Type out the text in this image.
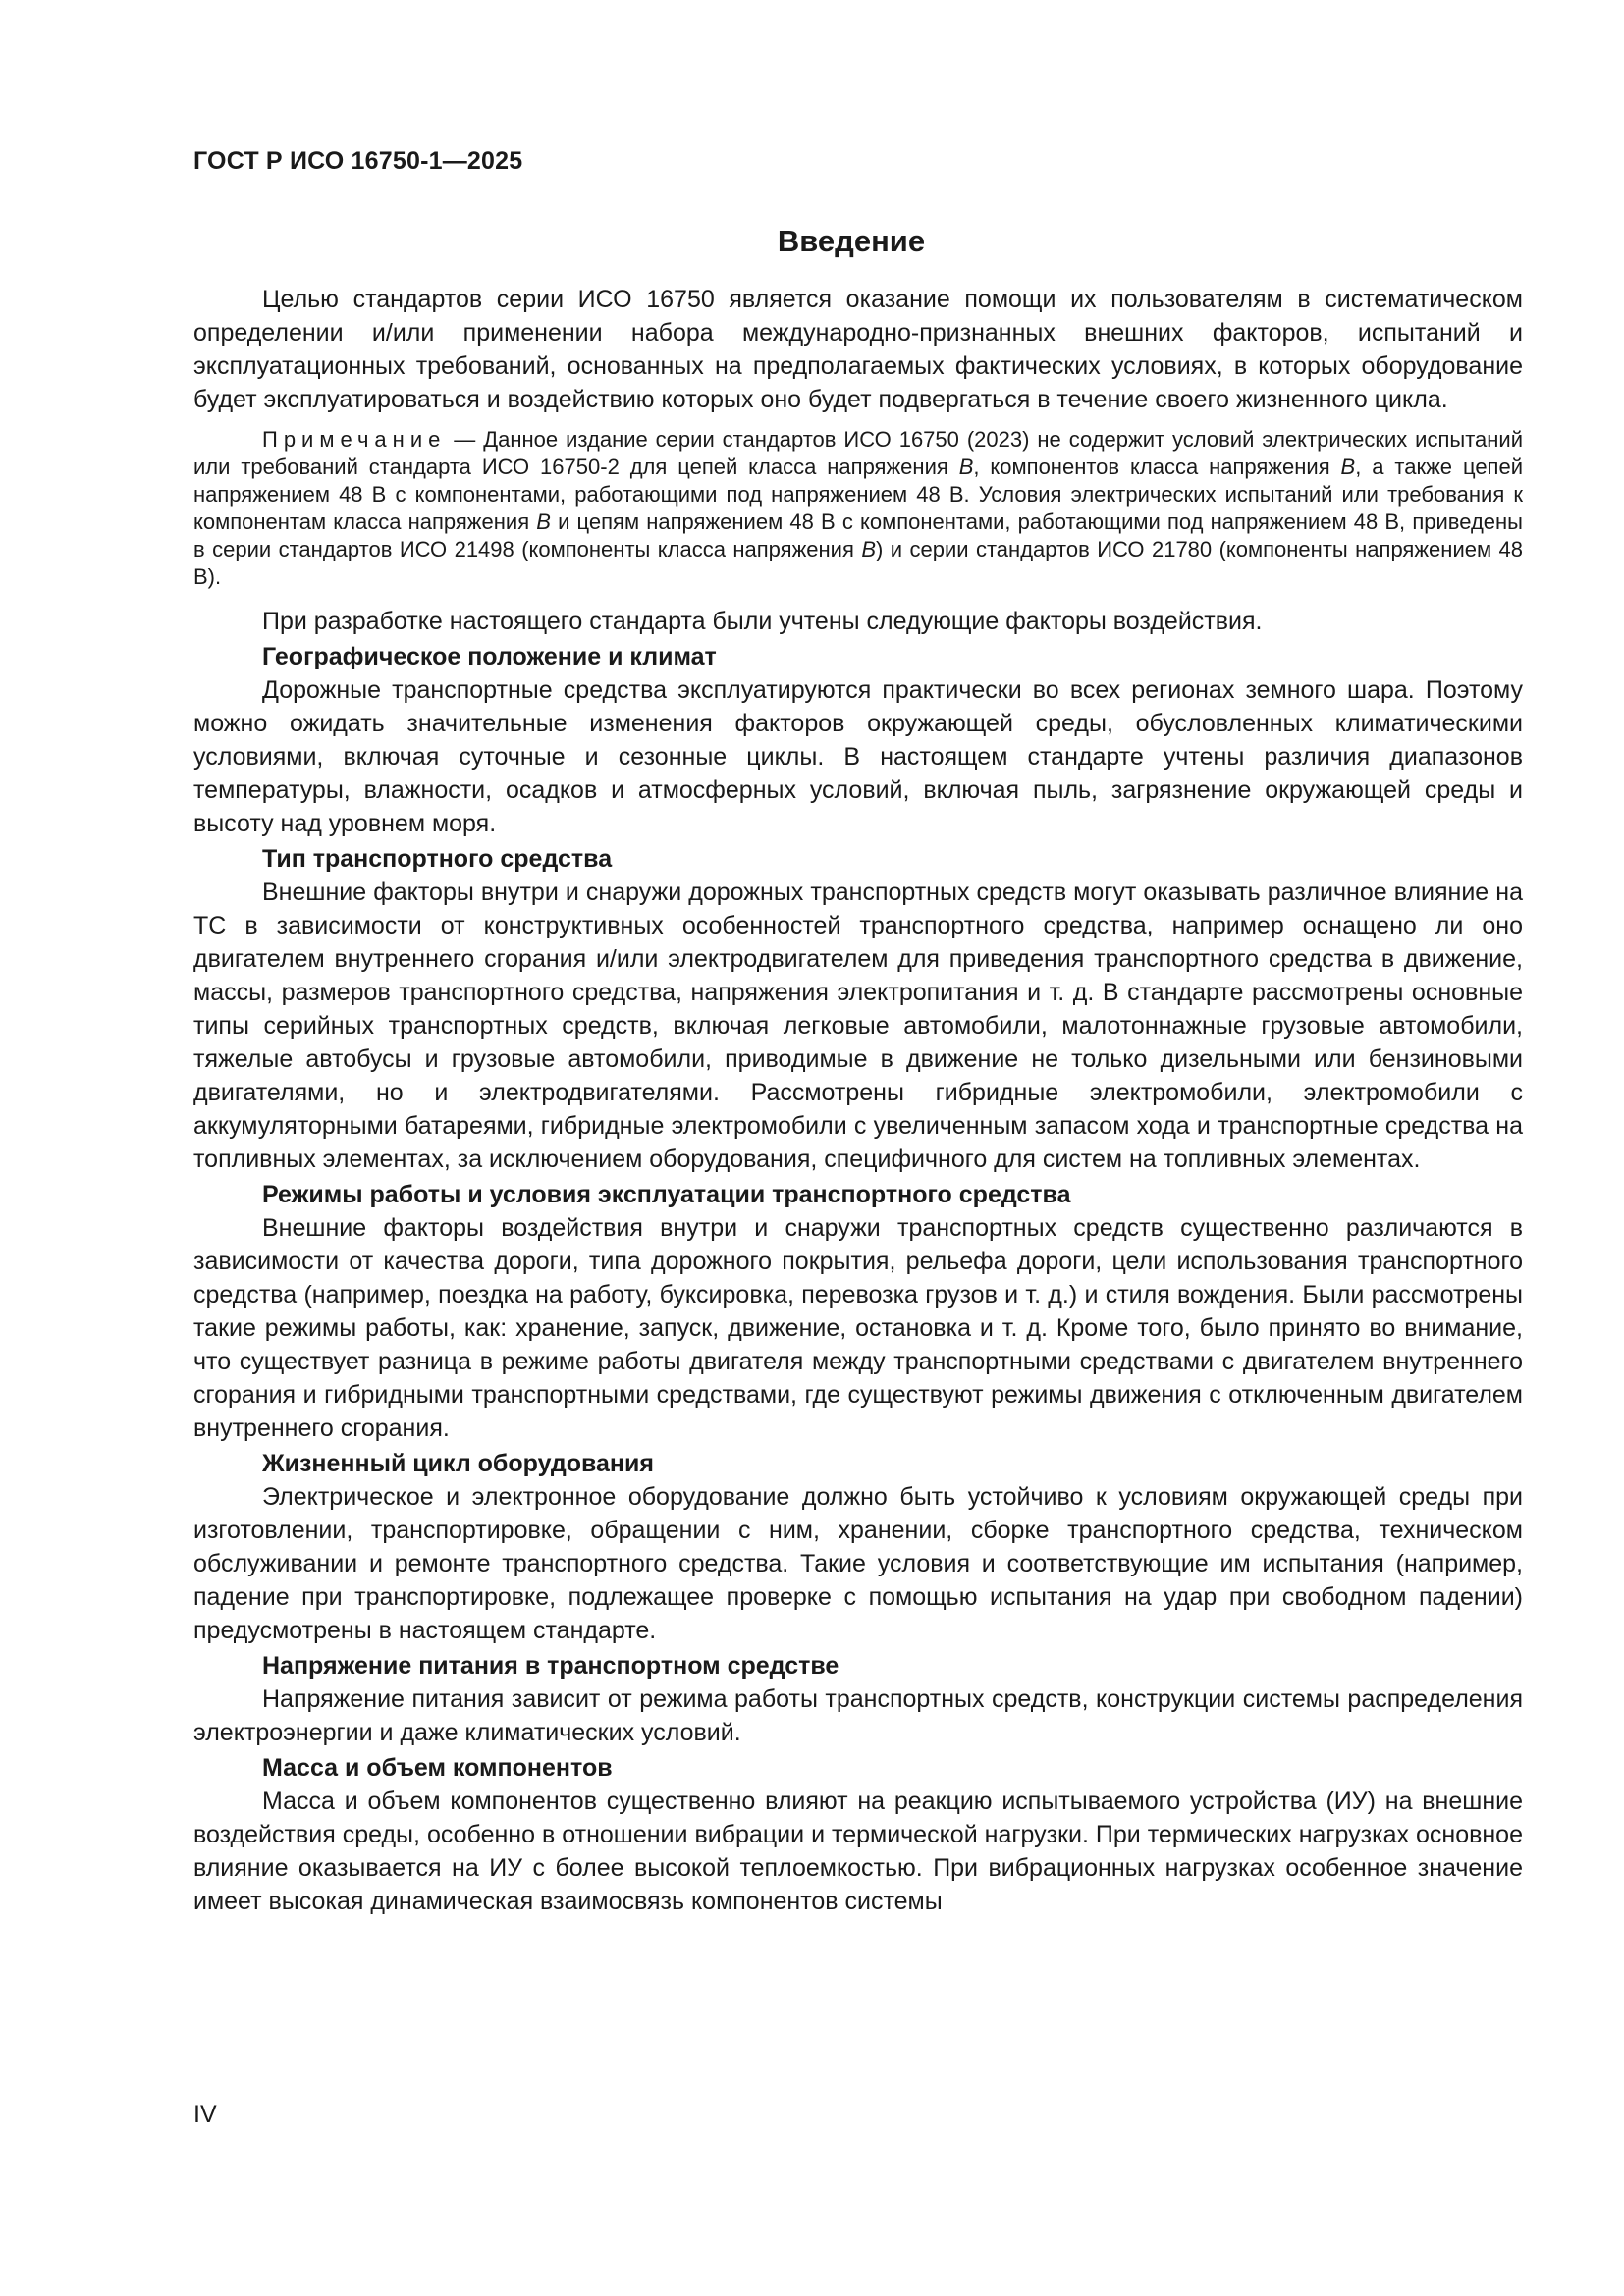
ГОСТ Р ИСО 16750-1—2025
Введение

Целью стандартов серии ИСО 16750 является оказание помощи их пользователям в систематическом определении и/или применении набора международно-признанных внешних факторов, испытаний и эксплуатационных требований, основанных на предполагаемых фактических условиях, в которых оборудование будет эксплуатироваться и воздействию которых оно будет подвергаться в течение своего жизненного цикла.

Примечание — Данное издание серии стандартов ИСО 16750 (2023) не содержит условий электрических испытаний или требований стандарта ИСО 16750-2 для цепей класса напряжения B, компонентов класса напряжения B, а также цепей напряжением 48 В с компонентами, работающими под напряжением 48 В. Условия электрических испытаний или требования к компонентам класса напряжения B и цепям напряжением 48 В с компонентами, работающими под напряжением 48 В, приведены в серии стандартов ИСО 21498 (компоненты класса напряжения B) и серии стандартов ИСО 21780 (компоненты напряжением 48 В).

При разработке настоящего стандарта были учтены следующие факторы воздействия.

Географическое положение и климат

Дорожные транспортные средства эксплуатируются практически во всех регионах земного шара. Поэтому можно ожидать значительные изменения факторов окружающей среды, обусловленных климатическими условиями, включая суточные и сезонные циклы. В настоящем стандарте учтены различия диапазонов температуры, влажности, осадков и атмосферных условий, включая пыль, загрязнение окружающей среды и высоту над уровнем моря.

Тип транспортного средства

Внешние факторы внутри и снаружи дорожных транспортных средств могут оказывать различное влияние на ТС в зависимости от конструктивных особенностей транспортного средства, например оснащено ли оно двигателем внутреннего сгорания и/или электродвигателем для приведения транспортного средства в движение, массы, размеров транспортного средства, напряжения электропитания и т. д. В стандарте рассмотрены основные типы серийных транспортных средств, включая легковые автомобили, малотоннажные грузовые автомобили, тяжелые автобусы и грузовые автомобили, приводимые в движение не только дизельными или бензиновыми двигателями, но и электродвигателями. Рассмотрены гибридные электромобили, электромобили с аккумуляторными батареями, гибридные электромобили с увеличенным запасом хода и транспортные средства на топливных элементах, за исключением оборудования, специфичного для систем на топливных элементах.

Режимы работы и условия эксплуатации транспортного средства

Внешние факторы воздействия внутри и снаружи транспортных средств существенно различаются в зависимости от качества дороги, типа дорожного покрытия, рельефа дороги, цели использования транспортного средства (например, поездка на работу, буксировка, перевозка грузов и т. д.) и стиля вождения. Были рассмотрены такие режимы работы, как: хранение, запуск, движение, остановка и т. д. Кроме того, было принято во внимание, что существует разница в режиме работы двигателя между транспортными средствами с двигателем внутреннего сгорания и гибридными транспортными средствами, где существуют режимы движения с отключенным двигателем внутреннего сгорания.

Жизненный цикл оборудования

Электрическое и электронное оборудование должно быть устойчиво к условиям окружающей среды при изготовлении, транспортировке, обращении с ним, хранении, сборке транспортного средства, техническом обслуживании и ремонте транспортного средства. Такие условия и соответствующие им испытания (например, падение при транспортировке, подлежащее проверке с помощью испытания на удар при свободном падении) предусмотрены в настоящем стандарте.

Напряжение питания в транспортном средстве

Напряжение питания зависит от режима работы транспортных средств, конструкции системы распределения электроэнергии и даже климатических условий.

Масса и объем компонентов

Масса и объем компонентов существенно влияют на реакцию испытываемого устройства (ИУ) на внешние воздействия среды, особенно в отношении вибрации и термической нагрузки. При термических нагрузках основное влияние оказывается на ИУ с более высокой теплоемкостью. При вибрационных нагрузках особенное значение имеет высокая динамическая взаимосвязь компонентов системы

IV
